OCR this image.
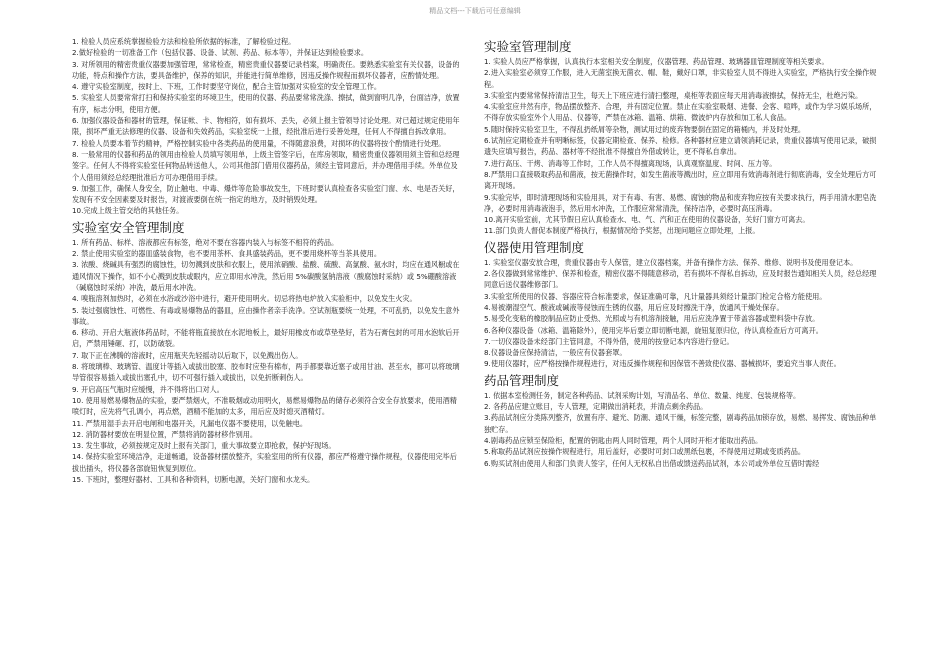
精品文档---下载后可任意编辑

1. 检验人员应系统掌握检验方法和检验所依据的标准，了解检验过程。

2.做好检验的一切准备工作（包括仪器、设备、试剂、药品、标本等），并保证达到检验要求。

3. 对所领用的精密贵重仪器要加强管理，常常检查，精密贵重仪器要记录档案，明确责任。要熟悉实验室有关仪器，设备的功能，特点和操作方法，要具备维护，保养的知识，并能进行简单维修，因违反操作规程而损坏仪器者，应酌情处理。

4. 遵守实验室制度，按时上、下班，工作时要坚守岗位，配合主管加强对实验室的安全管理工作。

5. 实验室人员要常常打扫和保持实验室的环境卫生，使用的仪器、药品要常常洗涤、擦拭，做到窗明几净，台面洁净，放置有序，标志分明，使用方便。

6. 加强仪器设备和器材的管理，保证帐、卡、物相符，如有损坏、丢失，必须上报主管领导讨论处理。对已超过规定使用年限，损坏严重无法修理的仪器、设备和失效药品，实验室统一上报，经批准后进行妥善处理，任何人不得擅自拆改拿用。

7. 检验人员要本着节约精神，严格控制实验中各类药品的使用量，不得随意浪费，对损坏的仪器将按个酌情进行处理。

8. 一般常用的仪器和药品的领用由检验人员填写领用单，上级主管签字后，在库房领取，精密贵重仪器领用须主管和总经理签字。任何人不得将实验室任何物品转送他人，公司其他部门借用仪器药品，须经主管同意后，并办理借用手续。外单位及个人借用须经总经理批准后方可办理借用手续。

9. 加强工作，确保人身安全，防止触电、中毒、爆炸等危险事故发生，下班时要认真检查各实验室门窗、水、电是否关好，发现有不安全因素要及时报告，对渡液要倒在统一指定的地方，及时销毁处理。

10.完成上级主管交给的其他任务。

实验室安全管理制度

1. 所有药品、标样、溶液都应有标签，绝对不要在容器内装入与标签不相符的药品。

2. 禁止使用实验室的器皿盛装食物，也不要用茶杯、食具盛装药品，更不要用烧杯等当茶具使用。

3. 浓酸、烧碱具有强烈的腐蚀性，切勿溅到皮肤和衣服上，使用浓硝酸、盐酸、硫酸、高氯酸、氨水时，均应在通风橱或在通风情况下操作，如不小心溅到皮肤或眼内，应立即用水冲洗，然后用 5%碳酸氢钠溶液（酸腐蚀时采纳）或 5%硼酸溶液（碱腐蚀时采纳）冲洗，最后用水冲洗。

4. 嗅瓶溶剂加热时，必须在水浴或沙浴中进行，避开使用明火。切忌将热电炉放入实验柜中，以免发生火灾。

5. 装过强腐蚀性、可燃性、有毒或易爆物品的器皿，应由操作者亲手洗净。空试剂瓶要统一处理，不可乱扔，以免发生意外事故。

6. 移动、开启大瓶液体药品时，不能将瓶直接放在水泥地板上，最好用橡皮布或草垫垫好，若为石膏包封的可用水泡软后开启，严禁用锤砸、打，以防破裂。

7. 取下正在沸腾的溶液时，应用瓶夹先轻摇动以后取下，以免溅出伤人。

8. 将玻璃棒、玻璃管、温度计等插入或拔出胶塞、胶布时应垫有棉布，两手都要靠近塞子或用甘油、甚至水，都可以将玻璃导管很容易插入或拔出塞孔中，切不可强行插入或拔出，以免折断刺伤人。

9. 开启高压气瓶时应缓慢，并不得将出口对人。

10. 使用易燃易爆物品的实验，要严禁烟火，不准吸烟或动用明火，易燃易爆物品的储存必须符合安全存放要求，使用酒精喷灯时，应先将气孔调小，再点燃，酒精不能加的太多，用后应及时熄灭酒精灯。

11. 严禁用湿手去开启电闸和电器开关，凡漏电仪器不要使用，以免触电。

12. 消防器材要放在明显位置，严禁将消防器材移作别用。

13. 发生事故，必须按规定及时上报有关部门，重大事故要立即抢救，保护好现场。

14. 保持实验室环境洁净，走道畅通，设备器材摆放整齐，实验室用的所有仪器，都应严格遵守操作规程，仪器使用完毕后拔出插头，将仪器各部旋钮恢复到原位。

15. 下班时，整理好器材、工具和各种资料，切断电源，关好门窗和水龙头。

实验室管理制度

1. 实验人员应严格掌握，认真执行本室相关安全制度，仪器管理、药品管理、玻璃器皿管理制度等相关要求。

2.进入实验室必须穿工作服，进入无菌室换无菌衣、帽、鞋，戴好口罩，非实验室人员不得进入实验室，严格执行安全操作规程。

3.实验室内要常常保持清洁卫生，每天上下班应进行清扫整理，桌柜等表面应每天用消毒液擦拭，保持无尘，杜绝污染。

4.实验室应井然有序，物品摆放整齐、合理，并有固定位置。禁止在实验室吸烟、进餐、会客、喧哗，或作为学习娱乐场所，不得存放实验室外个人用品、仪器等，严禁在冰箱、温箱、烘箱、微波炉内存放和加工私人食品。

5.随时保持实验室卫生，不得乱扔纸屑等杂物，测试用过的废弃物要倒在固定的箱桶内，并及时处理。

6.试剂应定期检查并有明晰标签，仪器定期检查、保养、检修。各种器材应建立请领消耗记录，贵重仪器填写使用记录，破损遗失应填写报告，药品、器材等不经批准不得擅自外借或转让，更不得私自拿出。

7.进行高压、干烤、消毒等工作时，工作人员不得擅离现场，认真观察温度、时间、压力等。

8.严禁用口直接吸取药品和菌液，按无菌操作时，如发生菌液等溅出时，应立即用有效消毒剂进行彻底消毒，安全处理后方可离开现场。

9.实验完毕，即时清理现场和实验用具，对于有毒、有害、易燃、腐蚀的物品和废弃物应按有关要求执行，两手用清水肥皂洗净，必要时用消毒液泡手，然后用水冲洗，工作服应常常清洗，保持洁净，必要时高压消毒。

10.离开实验室前，尤其节假日应认真检查水、电、气、汽和正在使用的仪器设备，关好门窗方可离去。

11.部门负责人督促本制度严格执行，根据情况给予奖惩，出现问题应立即处理，上报。

仪器使用管理制度

1. 实验室仪器安放合理，贵重仪器由专人保管，建立仪器档案，并备有操作方法、保养、维修、说明书及使用登记本。

2.各仪器做到常常维护、保养和检查，精密仪器不得随意移动，若有损坏不得私自拆动，应及时报告通知相关人员，经总经理同意后送仪器维修部门。

3.实验室所使用的仪器、容器应符合标准要求，保证准确可靠，凡计量器具须经计量部门检定合格方能使用。

4.易被潮湿空气、酸液或碱液等侵蚀而生锈的仪器，用后应及时擦洗干净，放通风干燥处保存。

5.易受化变粘的橡胶制品应防止受热、光照或与有机溶剂接触，用后应洗净置于带盖容器或塑料袋中存放。

6.各种仪器设备（冰箱、温箱除外），使用完毕后要立即切断电源，旋钮复原归位，待认真检查后方可离开。

7.一切仪器设备未经部门主管同意，不得外借，使用的按登记本内容进行登记。

8.仪器设备应保持清洁，一般应有仪器套罩。

9.使用仪器时，应严格按操作规程进行，对违反操作规程和因保管不善致使仪器、器械损坏，要追究当事人责任。

药品管理制度

1. 依据本室检测任务，制定各种药品、试剂采购计划，写清品名、单位、数量、纯度、包装规格等。

2. 各药品应建立账目，专人管理，定期做出消耗表，并清点剩余药品。

3.药品试剂应分类陈列整齐，放置有序、避光、防潮、通风干燥，标签完整，剧毒药品加锁存放，易燃、易挥发、腐蚀品种单独贮存。

4.剧毒药品应锁至保险柜，配置的钥匙由两人同时管理，两个人同时开柜才能取出药品。

5.称取药品试剂应按操作规程进行，用后盖好，必要时可封口或黑纸包裹，不得使用过期或变质药品。

6.购买试剂由使用人和部门负责人签字，任何人无权私自出借或馈送药品试剂，本公司或外单位互借时需经
